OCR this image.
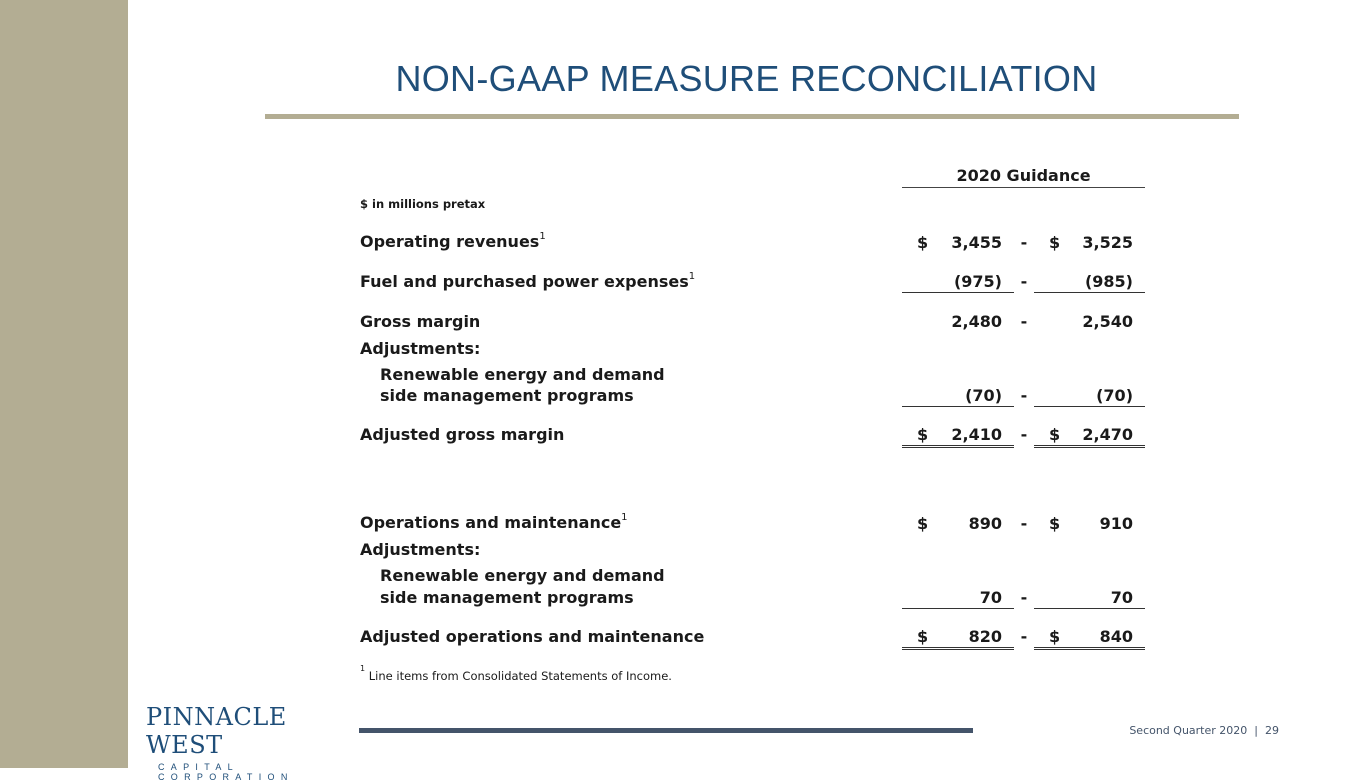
NON-GAAP MEASURE RECONCILIATION
2020 Guidance
$ in millions pretax
Operating revenues$^1$	$ 3,455 - $ 3,525
Fuel and purchased power expenses$^1$	(975) -	(985)
Gross margin	2,480 -	2,540
Adjustments:
Renewable energy and demand
side management programs	(70) -	(70)
Adjusted gross margin	$ 2,410 - $ 2,470
Operations and maintenance$^1$	$	890 - $ 910
Adjustments:
Renewable energy and demand
side management programs	70 -	70
Adjusted operations and maintenance	$	820 - $ 840
$^1$ Line items from Consolidated Statements of Income.
PINNACLE WEST
CAPITAL CORPORATION
Second Quarter 2020 | 29
